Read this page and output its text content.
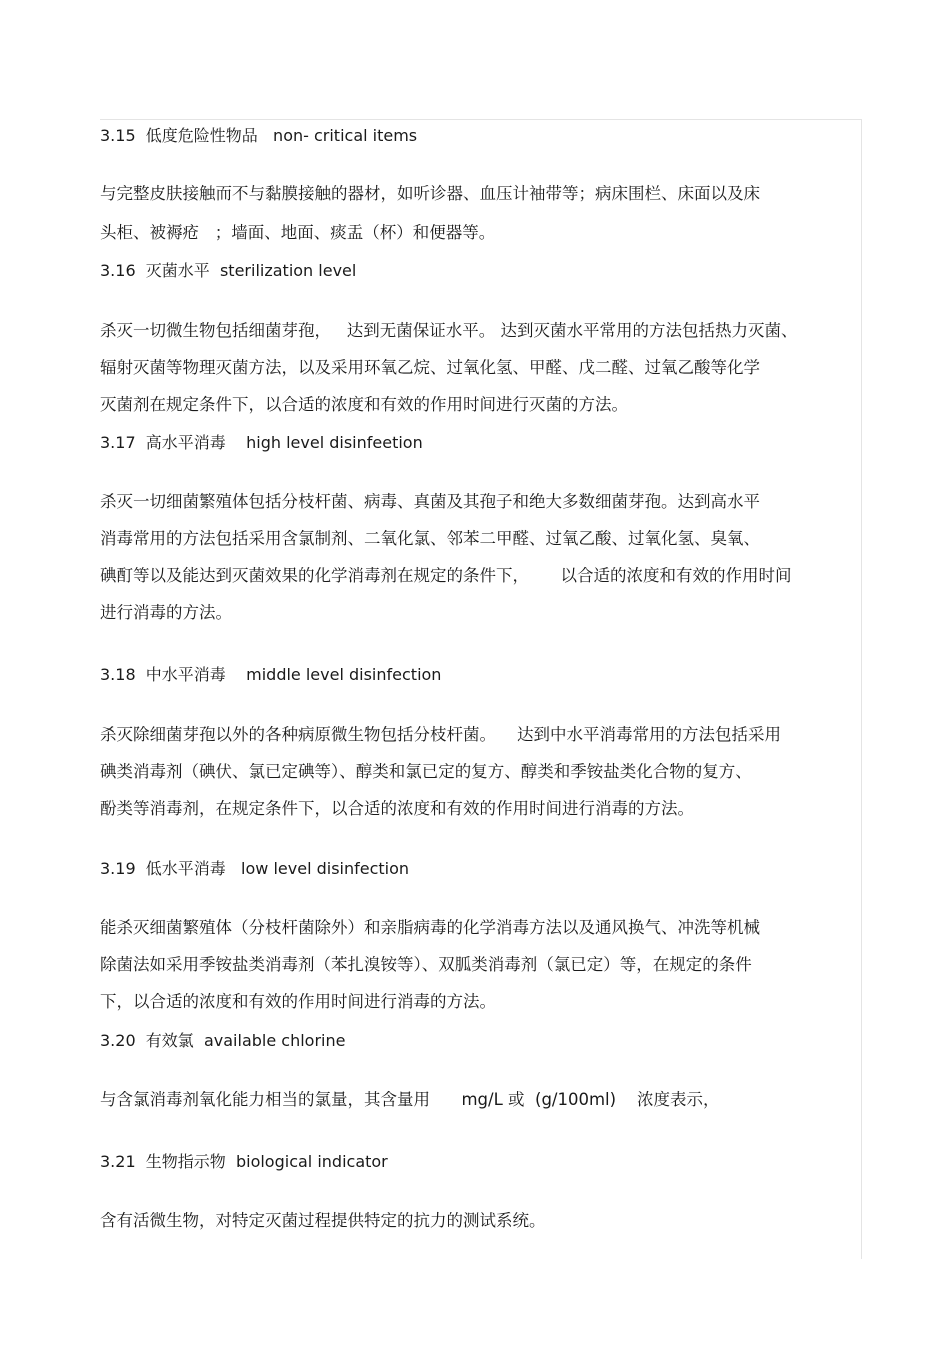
3.15  低度危险性物品   non- critical items
与完整皮肤接触而不与黏膜接触的器材，如听诊器、血压计袖带等；病床围栏、床面以及床
头柜、被褥疮   ；墙面、地面、痰盂（杯）和便器等。
3.16  灭菌水平  sterilization level
杀灭一切微生物包括细菌芽孢，   达到无菌保证水平。 达到灭菌水平常用的方法包括热力灭菌、
辐射灭菌等物理灭菌方法，以及采用环氧乙烷、过氧化氢、甲醛、戊二醛、过氧乙酸等化学
灭菌剂在规定条件下，以合适的浓度和有效的作用时间进行灭菌的方法。
3.17  高水平消毒    high level disinfeetion
杀灭一切细菌繁殖体包括分枝杆菌、病毒、真菌及其孢子和绝大多数细菌芽孢。达到高水平
消毒常用的方法包括采用含氯制剂、二氧化氯、邻苯二甲醛、过氧乙酸、过氧化氢、臭氧、
碘酊等以及能达到灭菌效果的化学消毒剂在规定的条件下，      以合适的浓度和有效的作用时间
进行消毒的方法。
3.18  中水平消毒    middle level disinfection
杀灭除细菌芽孢以外的各种病原微生物包括分枝杆菌。    达到中水平消毒常用的方法包括采用
碘类消毒剂（碘伏、氯已定碘等）、醇类和氯已定的复方、醇类和季铵盐类化合物的复方、
酚类等消毒剂，在规定条件下，以合适的浓度和有效的作用时间进行消毒的方法。
3.19  低水平消毒   low level disinfection
能杀灭细菌繁殖体（分枝杆菌除外）和亲脂病毒的化学消毒方法以及通风换气、冲洗等机械
除菌法如采用季铵盐类消毒剂（苯扎溴铵等）、双胍类消毒剂（氯已定）等，在规定的条件
下，以合适的浓度和有效的作用时间进行消毒的方法。
3.20  有效氯  available chlorine
与含氯消毒剂氧化能力相当的氯量，其含量用      mg/L 或  (g/100ml)    浓度表示，
3.21  生物指示物  biological indicator
含有活微生物，对特定灭菌过程提供特定的抗力的测试系统。
